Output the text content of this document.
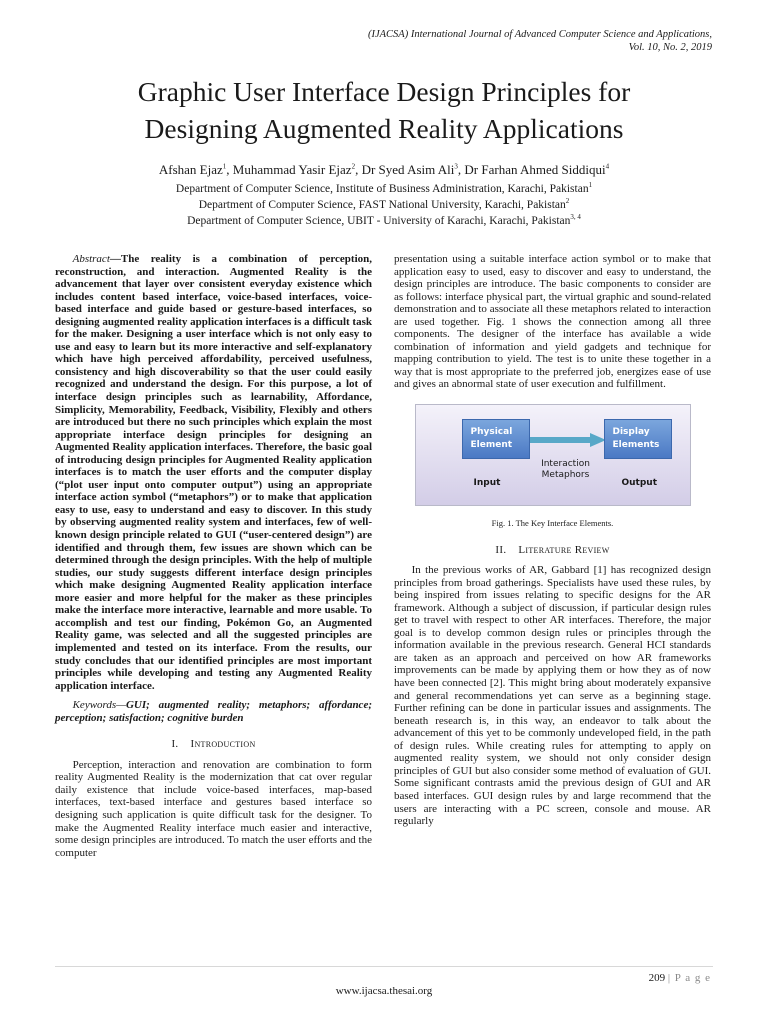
(IJACSA) International Journal of Advanced Computer Science and Applications,
Vol. 10, No. 2, 2019
Graphic User Interface Design Principles for
Designing Augmented Reality Applications
Afshan Ejaz$^1$, Muhammad Yasir Ejaz$^2$, Dr Syed Asim Ali$^3$, Dr Farhan Ahmed Siddiqui$^4$
Department of Computer Science, Institute of Business Administration, Karachi, Pakistan$^1$
Department of Computer Science, FAST National University, Karachi, Pakistan$^2$
Department of Computer Science, UBIT - University of Karachi, Karachi, Pakistan$^{3, 4}$

Abstract—The reality is a combination of perception, reconstruction, and interaction. Augmented Reality is the advancement that layer over consistent everyday existence which includes content based interface, voice-based interfaces, voice-based interface and guide based or gesture-based interfaces, so designing augmented reality application interfaces is a difficult task for the maker. Designing a user interface which is not only easy to use and easy to learn but its more interactive and self-explanatory which have high perceived affordability, perceived usefulness, consistency and high discoverability so that the user could easily recognized and understand the design. For this purpose, a lot of interface design principles such as learnability, Affordance, Simplicity, Memorability, Feedback, Visibility, Flexibly and others are introduced but there no such principles which explain the most appropriate interface design principles for designing an Augmented Reality application interfaces. Therefore, the basic goal of introducing design principles for Augmented Reality application interfaces is to match the user efforts and the computer display (“plot user input onto computer output”) using an appropriate interface action symbol (“metaphors”) or to make that application easy to use, easy to understand and easy to discover. In this study by observing augmented reality system and interfaces, few of well-known design principle related to GUI (“user-centered design”) are identified and through them, few issues are shown which can be determined through the design principles. With the help of multiple studies, our study suggests different interface design principles which make designing Augmented Reality application interface more easier and more helpful for the maker as these principles make the interface more interactive, learnable and more usable. To accomplish and test our finding, Pokémon Go, an Augmented Reality game, was selected and all the suggested principles are implemented and tested on its interface. From the results, our study concludes that our identified principles are most important principles while developing and testing any Augmented Reality application interface.

Keywords—GUI; augmented reality; metaphors; affordance; perception; satisfaction; cognitive burden

I. Introduction

Perception, interaction and renovation are combination to form reality Augmented Reality is the modernization that cat over regular daily existence that include voice-based interfaces, map-based interfaces, text-based interface and gestures based interface so designing such application is quite difficult task for the designer. To make the Augmented Reality interface much easier and interactive, some design principles are introduced. To match the user efforts and the computer

presentation using a suitable interface action symbol or to make that application easy to used, easy to discover and easy to understand, the design principles are introduce. The basic components to consider are as follows: interface physical part, the virtual graphic and sound-related demonstration and to associate all these metaphors related to interaction are used together. Fig. 1 shows the connection among all three components. The designer of the interface has available a wide combination of information and yield gadgets and technique for mapping contribution to yield. The test is to unite these together in a way that is most appropriate to the preferred job, energizes ease of use and gives an abnormal state of user execution and fulfillment.

Physical Element
Display Elements
Interaction Metaphors
Input	Output

Fig. 1. The Key Interface Elements.

II. Literature Review

In the previous works of AR, Gabbard [1] has recognized design principles from broad gatherings. Specialists have used these rules, by being inspired from issues relating to specific designs for the AR framework. Although a subject of discussion, if particular design rules get to travel with respect to other AR interfaces. Therefore, the major goal is to develop common design rules or principles through the information available in the previous research. General HCI standards are taken as an approach and perceived on how AR frameworks improvements can be made by applying them or how they as of now have been connected [2]. This might bring about moderately expansive and general recommendations yet can serve as a beginning stage. Further refining can be done in particular issues and assignments. The beneath research is, in this way, an endeavor to talk about the advancement of this yet to be commonly undeveloped field, in the path of design rules. While creating rules for attempting to apply on augmented reality system, we should not only consider design principles of GUI but also consider some method of evaluation of GUI. Some significant contrasts amid the previous design of GUI and AR based interfaces. GUI design rules by and large recommend that the users are interacting with a PC screen, console and mouse. AR regularly

209 | P a g e
www.ijacsa.thesai.org
